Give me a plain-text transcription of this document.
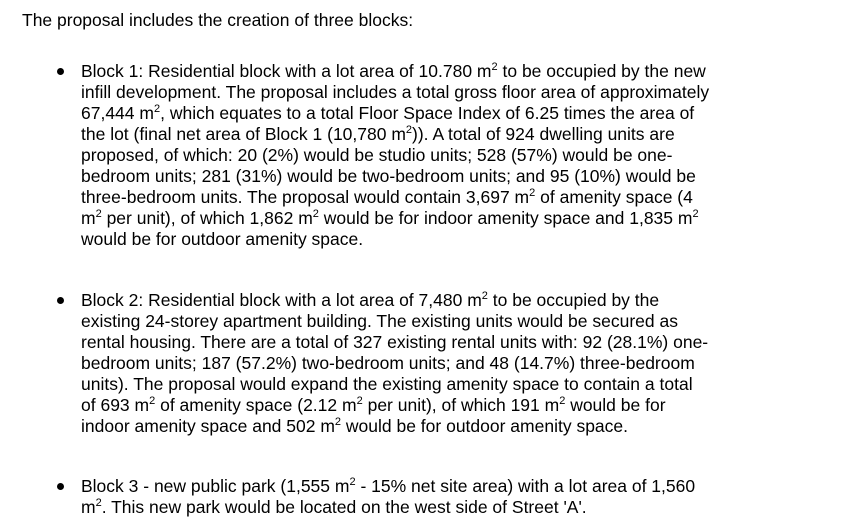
The proposal includes the creation of three blocks:

Block 1: Residential block with a lot area of 10.780 $m^2$ to be occupied by the new
infill development. The proposal includes a total gross floor area of approximately
67,444 $m^2$, which equates to a total Floor Space Index of 6.25 times the area of
the lot (final net area of Block 1 (10,780 $m^2$)). A total of 924 dwelling units are
proposed, of which: 20 (2%) would be studio units; 528 (57%) would be one-
bedroom units; 281 (31%) would be two-bedroom units; and 95 (10%) would be
three-bedroom units. The proposal would contain 3,697 $m^2$ of amenity space (4
$m^2$ per unit), of which 1,862 $m^2$ would be for indoor amenity space and 1,835 $m^2$
would be for outdoor amenity space.
Block 2: Residential block with a lot area of 7,480 $m^2$ to be occupied by the
existing 24-storey apartment building. The existing units would be secured as
rental housing. There are a total of 327 existing rental units with: 92 (28.1%) one-
bedroom units; 187 (57.2%) two-bedroom units; and 48 (14.7%) three-bedroom
units). The proposal would expand the existing amenity space to contain a total
of 693 $m^2$ of amenity space (2.12 $m^2$ per unit), of which 191 $m^2$ would be for
indoor amenity space and 502 $m^2$ would be for outdoor amenity space.
Block 3 - new public park (1,555 $m^2 - 15\%$ net site area) with a lot area of 1,560
$m^2$. This new park would be located on the west side of Street 'A'.
